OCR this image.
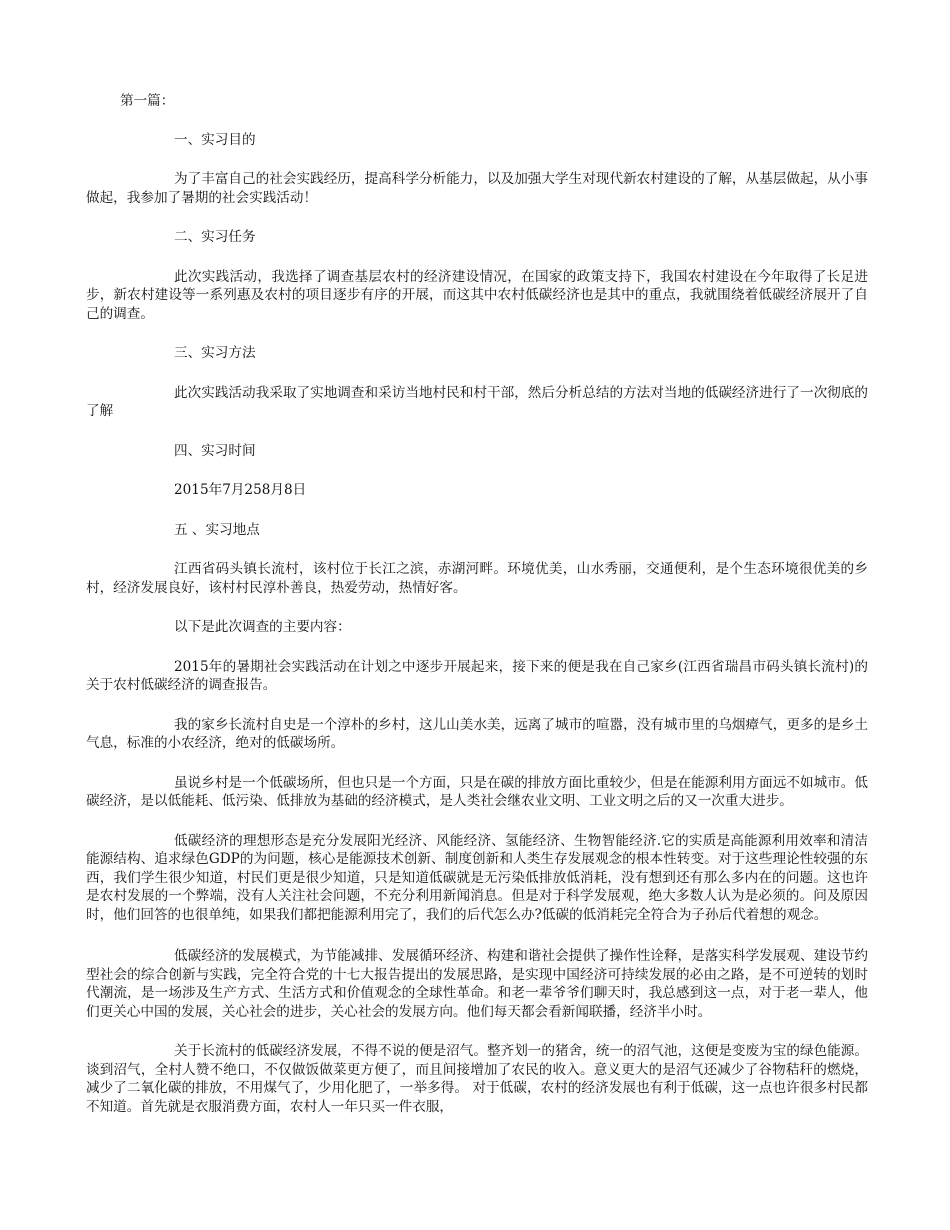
第一篇：

一、实习目的

为了丰富自己的社会实践经历，提高科学分析能力，以及加强大学生对现代新农村建设的了解，从基层做起，从小事做起，我参加了暑期的社会实践活动！

二、实习任务

此次实践活动，我选择了调查基层农村的经济建设情况，在国家的政策支持下，我国农村建设在今年取得了长足进步，新农村建设等一系列惠及农村的项目逐步有序的开展，而这其中农村低碳经济也是其中的重点，我就围绕着低碳经济展开了自己的调查。

三、实习方法

此次实践活动我采取了实地调查和采访当地村民和村干部，然后分析总结的方法对当地的低碳经济进行了一次彻底的了解

四、实习时间

2015年7月258月8日

五 、实习地点

江西省码头镇长流村，该村位于长江之滨，赤湖河畔。环境优美，山水秀丽，交通便利，是个生态环境很优美的乡村，经济发展良好，该村村民淳朴善良，热爱劳动，热情好客。

以下是此次调查的主要内容：

2015年的暑期社会实践活动在计划之中逐步开展起来，接下来的便是我在自己家乡(江西省瑞昌市码头镇长流村)的关于农村低碳经济的调查报告。

我的家乡长流村自史是一个淳朴的乡村，这儿山美水美，远离了城市的喧嚣，没有城市里的乌烟瘴气，更多的是乡土气息，标准的小农经济，绝对的低碳场所。

虽说乡村是一个低碳场所，但也只是一个方面，只是在碳的排放方面比重较少，但是在能源利用方面远不如城市。低碳经济，是以低能耗、低污染、低排放为基础的经济模式，是人类社会继农业文明、工业文明之后的又一次重大进步。

低碳经济的理想形态是充分发展阳光经济、风能经济、氢能经济、生物智能经济.它的实质是高能源利用效率和清洁能源结构、追求绿色GDP的为问题，核心是能源技术创新、制度创新和人类生存发展观念的根本性转变。对于这些理论性较强的东西，我们学生很少知道，村民们更是很少知道，只是知道低碳就是无污染低排放低消耗，没有想到还有那么多内在的问题。这也许是农村发展的一个弊端，没有人关注社会问题，不充分利用新闻消息。但是对于科学发展观，绝大多数人认为是必须的。问及原因时，他们回答的也很单纯，如果我们都把能源利用完了，我们的后代怎么办?低碳的低消耗完全符合为子孙后代着想的观念。

低碳经济的发展模式，为节能减排、发展循环经济、构建和谐社会提供了操作性诠释，是落实科学发展观、建设节约型社会的综合创新与实践，完全符合党的十七大报告提出的发展思路，是实现中国经济可持续发展的必由之路，是不可逆转的划时代潮流，是一场涉及生产方式、生活方式和价值观念的全球性革命。和老一辈爷爷们聊天时，我总感到这一点，对于老一辈人，他们更关心中国的发展，关心社会的进步，关心社会的发展方向。他们每天都会看新闻联播，经济半小时。

关于长流村的低碳经济发展，不得不说的便是沼气。整齐划一的猪舍，统一的沼气池，这便是变废为宝的绿色能源。谈到沼气，全村人赞不绝口，不仅做饭做菜更方便了，而且间接增加了农民的收入。意义更大的是沼气还减少了谷物秸秆的燃烧，减少了二氧化碳的排放，不用煤气了，少用化肥了，一举多得。 对于低碳，农村的经济发展也有利于低碳，这一点也许很多村民都不知道。首先就是衣服消费方面，农村人一年只买一件衣服，
